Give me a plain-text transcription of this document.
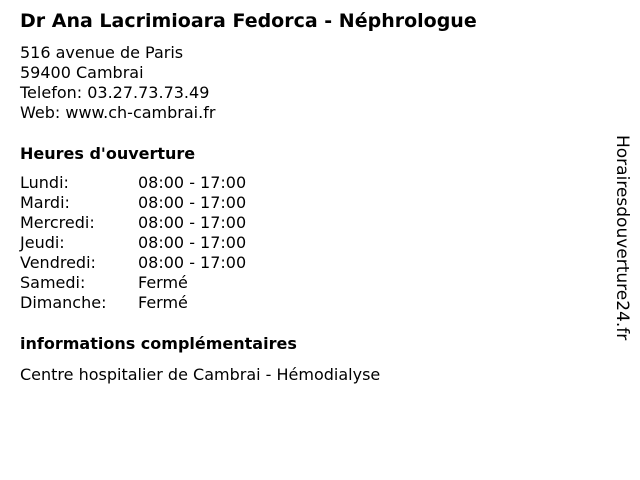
Dr Ana Lacrimioara Fedorca - Néphrologue
516 avenue de Paris
59400 Cambrai
Telefon: 03.27.73.73.49
Web: www.ch-cambrai.fr
Heures d'ouverture
Lundi:	08:00 - 17:00
Mardi:	08:00 - 17:00
Mercredi:	08:00 - 17:00
Jeudi:	08:00 - 17:00
Vendredi:	08:00 - 17:00
Samedi:	Fermé
Dimanche: Fermé
informations complémentaires
Centre hospitalier de Cambrai - Hémodialyse
Horairesdouverture24.fr
